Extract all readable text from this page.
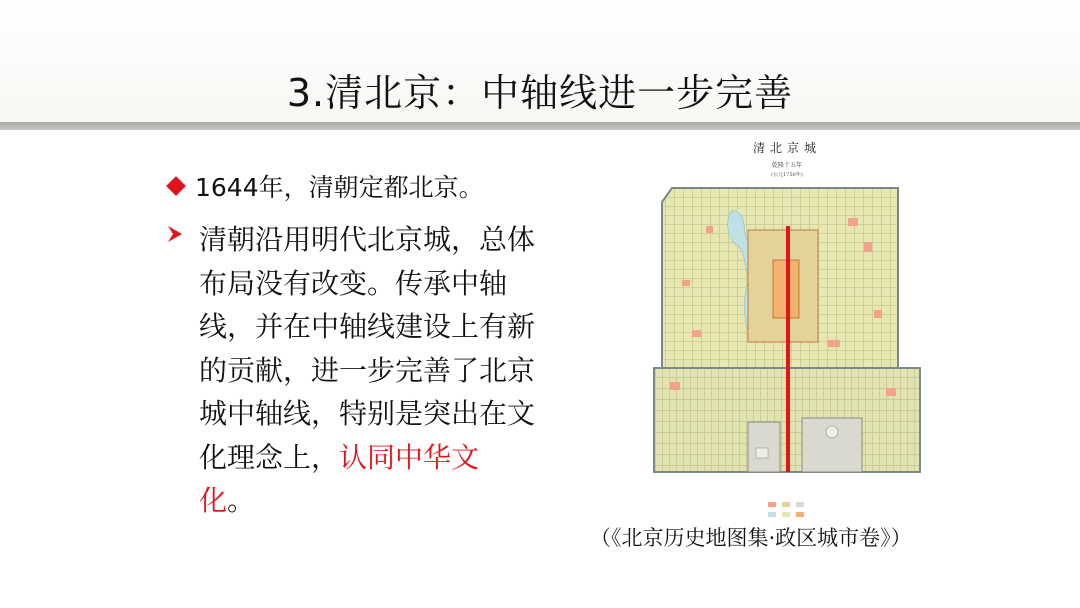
3.清北京：中轴线进一步完善
1644年，清朝定都北京。
清朝沿用明代北京城，总体布局没有改变。传承中轴线，并在中轴线建设上有新的贡献，进一步完善了北京城中轴线，特别是突出在文化理念上，认同中华文化。
清北京城
乾隆十五年
(公元1750年)
（《北京历史地图集·政区城市卷》）
